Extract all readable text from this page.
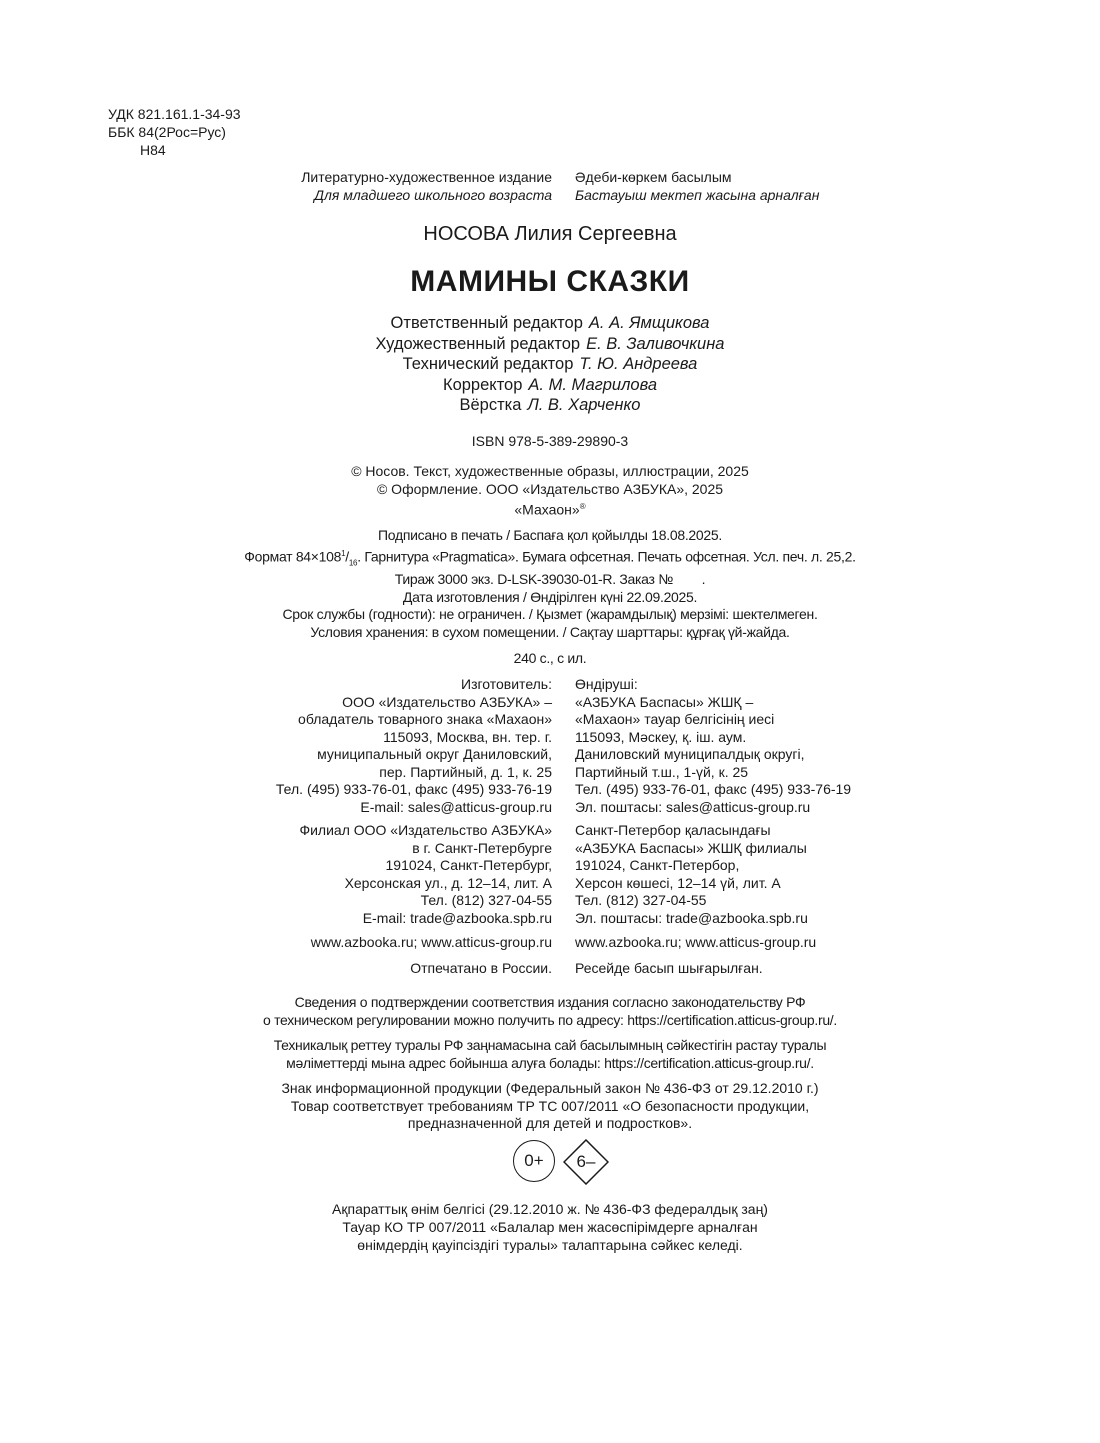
УДК 821.161.1-34-93
ББК 84(2Рос=Рус)
Н84
Литературно-художественное издание Әдеби-көркем басылым
Для младшего школьного возраста Бастауыш мектеп жасына арналған
НОСОВА Лилия Сергеевна
МАМИНЫ СКАЗКИ
Ответственный редактор А. А. Ямщикова
Художественный редактор Е. В. Заливочкина
Технический редактор Т. Ю. Андреева
Корректор А. М. Магрилова
Вёрстка Л. В. Харченко
ISBN 978-5-389-29890-3
© Носов. Текст, художественные образы, иллюстрации, 2025
© Оформление. ООО «Издательство АЗБУКА», 2025
«Махаон»®
Подписано в печать / Баспаға қол қойылды 18.08.2025.
Формат $84\times 108^1/_{16}$. Гарнитура «Pragmatica». Бумага офсетная. Печать офсетная. Усл. печ. л. 25,2.
Тираж 3000 экз. D-LSK-39030-01-R. Заказ №        .
Дата изготовления / Өндірілген күні 22.09.2025.
Срок службы (годности): не ограничен. / Қызмет (жарамдылық) мерзімі: шектелмеген.
Условия хранения: в сухом помещении. / Сақтау шарттары: құрғақ үй-жайда.
240 с., с ил.
Изготовитель:
ООО «Издательство АЗБУКА» –
обладатель товарного знака «Махаон»
115093, Москва, вн. тер. г.
муниципальный округ Даниловский,
пер. Партийный, д. 1, к. 25
Тел. (495) 933-76-01, факс (495) 933-76-19
E-mail: sales@atticus-group.ru
Өндіруші:
«АЗБУКА Баспасы» ЖШҚ –
«Махаон» тауар белгісінің иесі
115093, Мәскеу, қ. іш. аум.
Даниловский муниципалдық округі,
Партийный т.ш., 1-үй, к. 25
Тел. (495) 933-76-01, факс (495) 933-76-19
Эл. поштасы: sales@atticus-group.ru
Филиал ООО «Издательство АЗБУКА»
в г. Санкт-Петербурге
191024, Санкт-Петербург,
Херсонская ул., д. 12–14, лит. А
Тел. (812) 327-04-55
E-mail: trade@azbooka.spb.ru
Санкт-Петербор қаласындағы
«АЗБУКА Баспасы» ЖШҚ филиалы
191024, Санкт-Петербор,
Херсон көшесі, 12–14 үй, лит. А
Тел. (812) 327-04-55
Эл. поштасы: trade@azbooka.spb.ru
www.azbooka.ru; www.atticus-group.ru www.azbooka.ru; www.atticus-group.ru
Отпечатано в России. Ресейде басып шығарылған.
Сведения о подтверждении соответствия издания согласно законодательству РФ
о техническом регулировании можно получить по адресу: https://certification.atticus-group.ru/.
Техникалық реттеу туралы РФ заңнамасына сай басылымның сәйкестігін растау туралы
мәліметтерді мына адрес бойынша алуға болады: https://certification.atticus-group.ru/.
Знак информационной продукции (Федеральный закон № 436-ФЗ от 29.12.2010 г.)
Товар соответствует требованиям ТР ТС 007/2011 «О безопасности продукции,
предназначенной для детей и подростков».
0+	6–
Ақпараттық өнім белгісі (29.12.2010 ж. № 436-ФЗ федералдық заң)
Тауар КО ТР 007/2011 «Балалар мен жасөспірімдерге арналған
өнімдердің қауіпсіздігі туралы» талаптарына сәйкес келеді.
